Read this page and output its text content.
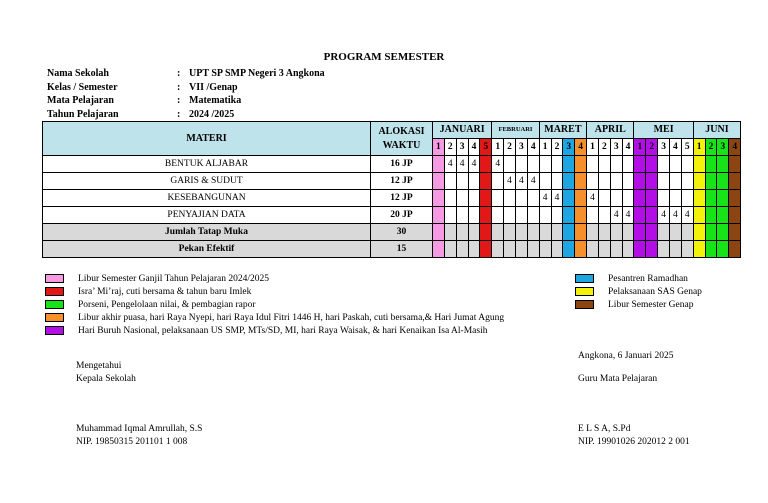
PROGRAM SEMESTER
Nama Sekolah	: UPT SP SMP Negeri 3 Angkona
Kelas / Semester	: VII /Genap
Mata Pelajaran	: Matematika
Tahun Pelajaran	: 2024 /2025
MATERI	ALOKASI WAKTU	JANUARI					FEBRUARI				MARET				APRIL				MEI					JUNI			
		1	2	3	4	5	1	2	3	4	1	2	3	4	1	2	3	4	1	2	3	4	5	1	2	3	4
BENTUK ALJABAR	16 JP		4	4	4		4																				
GARIS & SUDUT	12 JP							4	4	4																	
KESEBANGUNAN	12 JP										4	4			4												
PENYAJIAN DATA	20 JP																4	4			4	4	4				
Jumlah Tatap Muka	30																										
Pekan Efektif	15																										
Libur Semester Ganjil Tahun Pelajaran 2024/2025
Isra’ Mi’raj, cuti bersama & tahun baru Imlek
Porseni, Pengelolaan nilai, & pembagian rapor
Libur akhir puasa, hari Raya Nyepi, hari Raya Idul Fitri 1446 H, hari Paskah, cuti bersama,& Hari Jumat Agung
Hari Buruh Nasional, pelaksanaan US SMP, MTs/SD, MI, hari Raya Waisak, & hari Kenaikan Isa Al-Masih
Pesantren Ramadhan
Pelaksanaan SAS Genap
Libur Semester Genap
Mengetahui
Kepala Sekolah
Muhammad Iqmal Amrullah, S.S
NIP. 19850315 201101 1 008
Angkona, 6 Januari 2025
Guru Mata Pelajaran
E L S A, S.Pd
NIP. 19901026 202012 2 001
